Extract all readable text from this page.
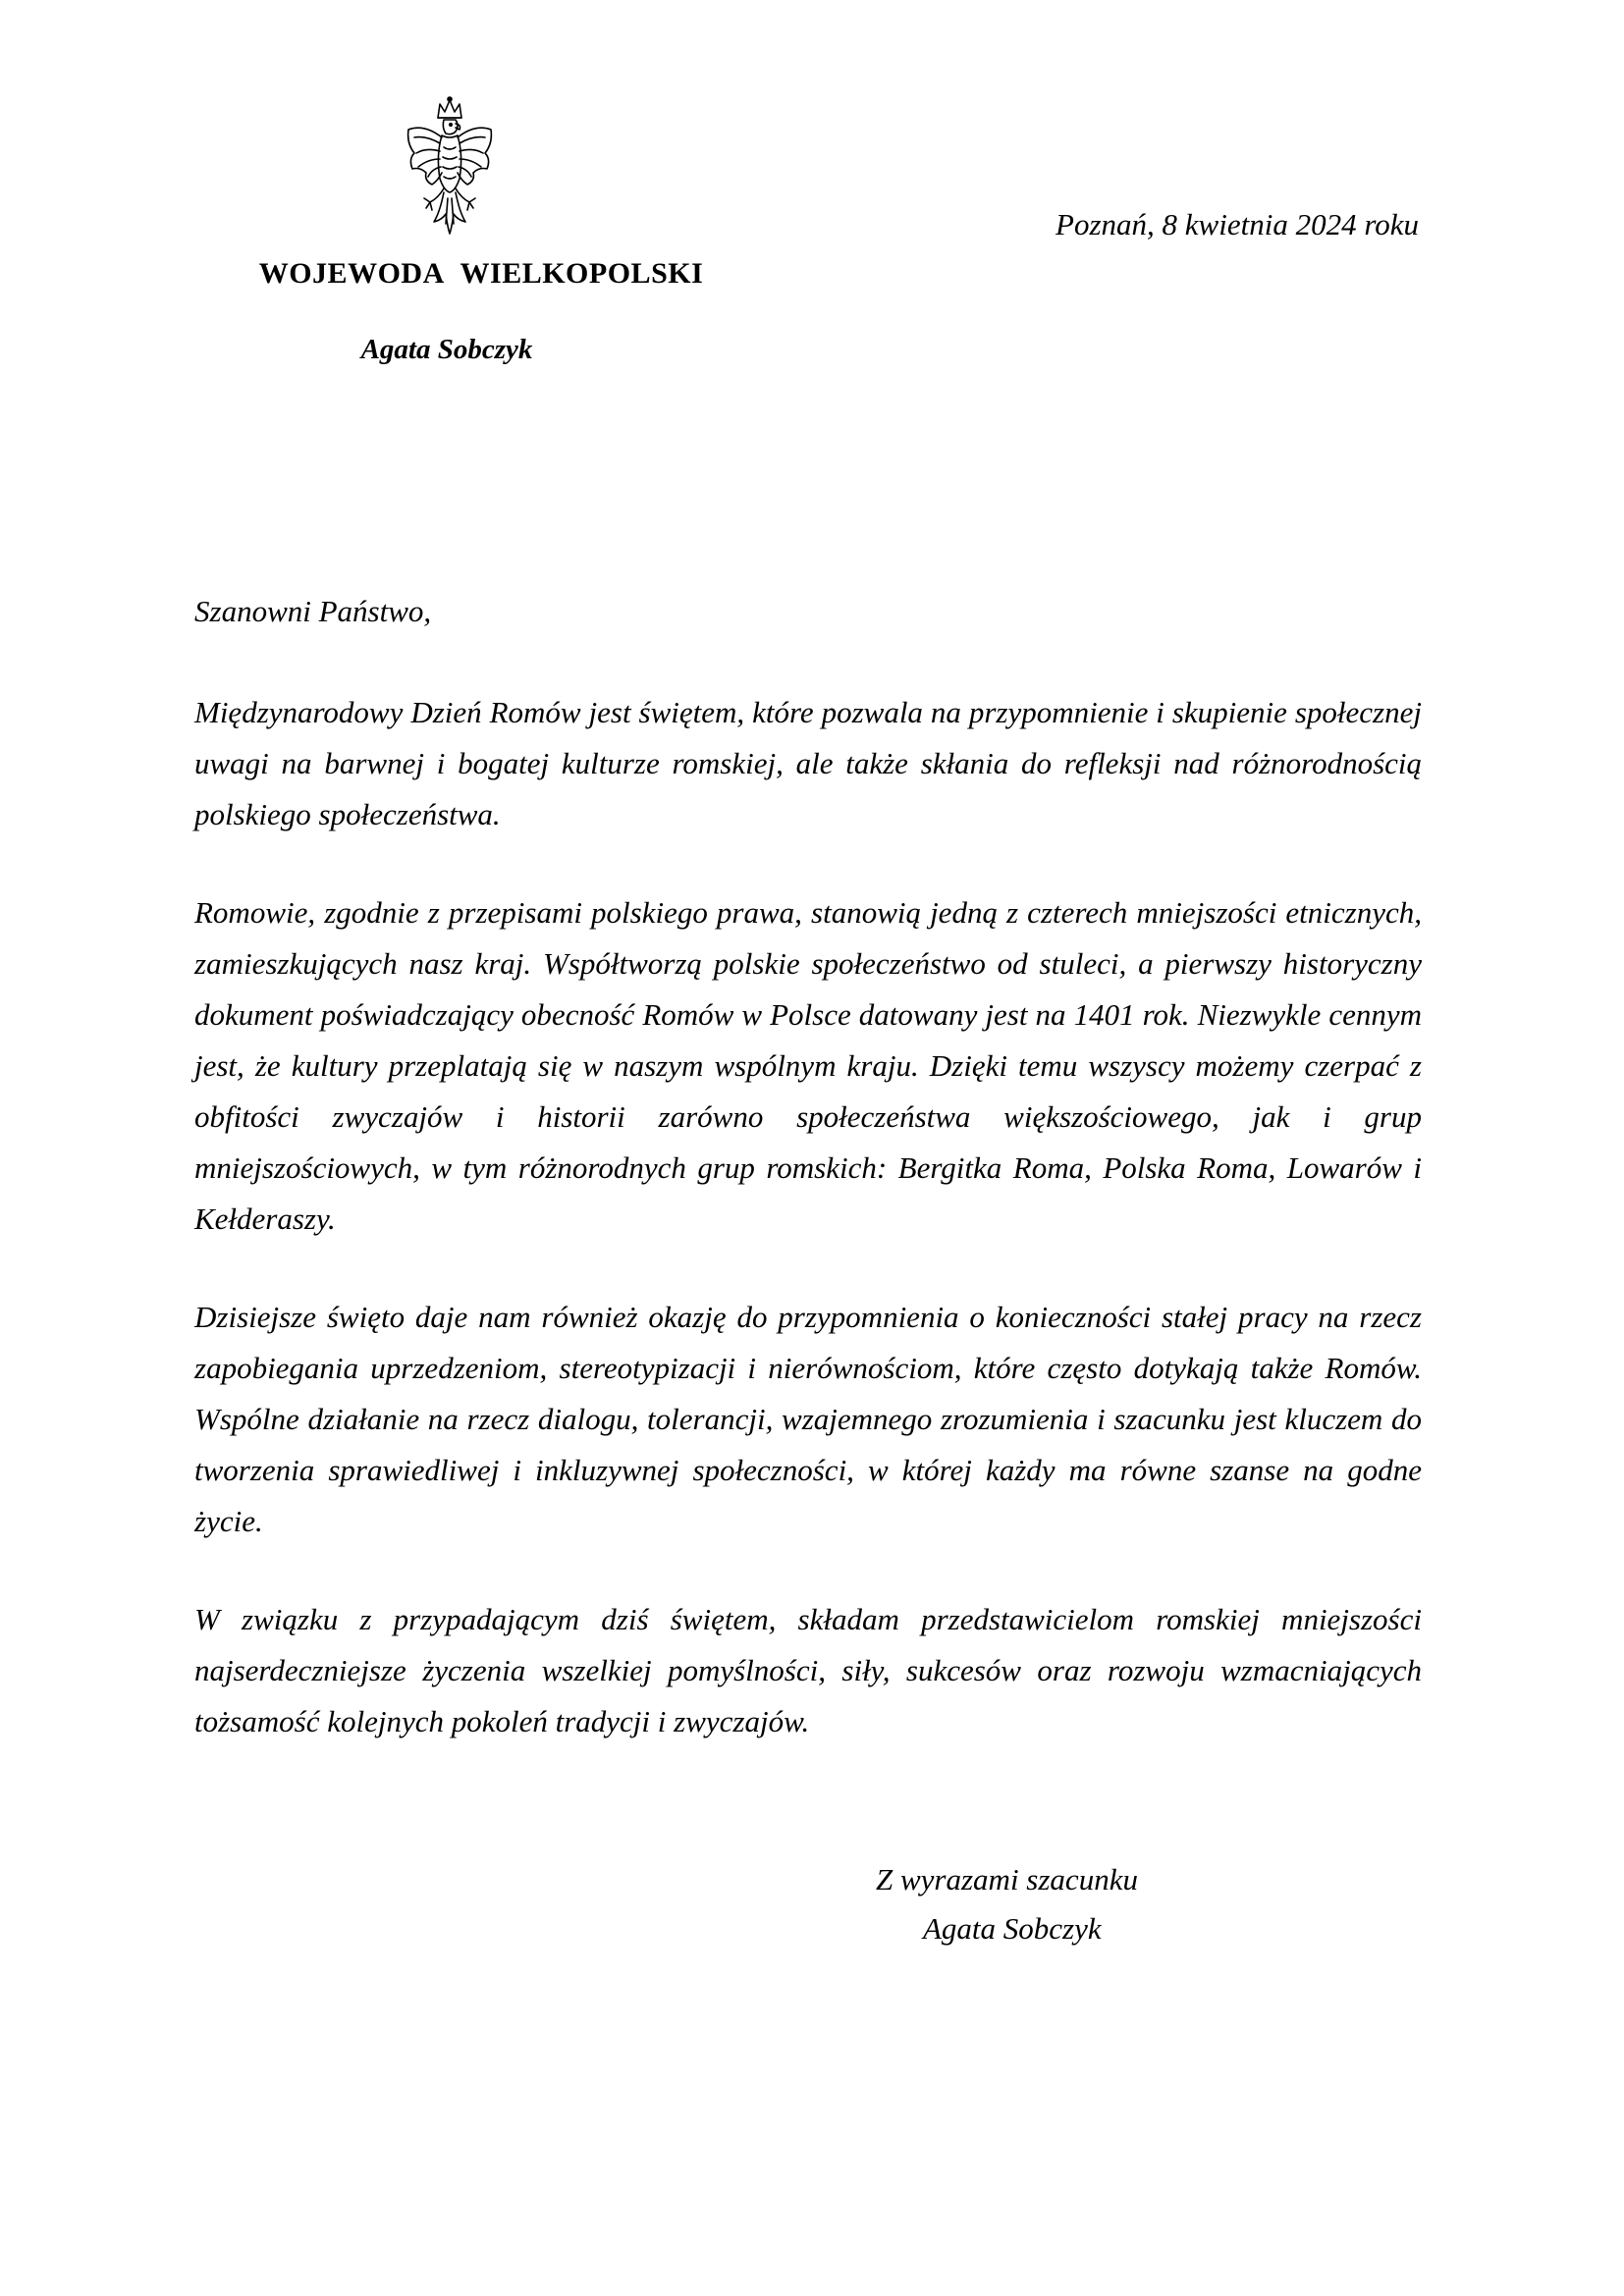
WOJEWODA WIELKOPOLSKI
Agata Sobczyk
Poznań, 8 kwietnia 2024 roku
Szanowni Państwo,

Międzynarodowy Dzień Romów jest świętem, które pozwala na przypomnienie i skupienie społecznej uwagi na barwnej i bogatej kulturze romskiej, ale także skłania do refleksji nad różnorodnością polskiego społeczeństwa.

Romowie, zgodnie z przepisami polskiego prawa, stanowią jedną z czterech mniejszości etnicznych, zamieszkujących nasz kraj. Współtworzą polskie społeczeństwo od stuleci, a pierwszy historyczny dokument poświadczający obecność Romów w Polsce datowany jest na 1401 rok. Niezwykle cennym jest, że kultury przeplatają się w naszym wspólnym kraju. Dzięki temu wszyscy możemy czerpać z obfitości zwyczajów i historii zarówno społeczeństwa większościowego, jak i grup mniejszościowych, w tym różnorodnych grup romskich: Bergitka Roma, Polska Roma, Lowarów i Kełderaszy.

Dzisiejsze święto daje nam również okazję do przypomnienia o konieczności stałej pracy na rzecz zapobiegania uprzedzeniom, stereotypizacji i nierównościom, które często dotykają także Romów. Wspólne działanie na rzecz dialogu, tolerancji, wzajemnego zrozumienia i szacunku jest kluczem do tworzenia sprawiedliwej i inkluzywnej społeczności, w której każdy ma równe szanse na godne życie.

W związku z przypadającym dziś świętem, składam przedstawicielom romskiej mniejszości najserdeczniejsze życzenia wszelkiej pomyślności, siły, sukcesów oraz rozwoju wzmacniających tożsamość kolejnych pokoleń tradycji i zwyczajów.

Z wyrazami szacunku
Agata Sobczyk
